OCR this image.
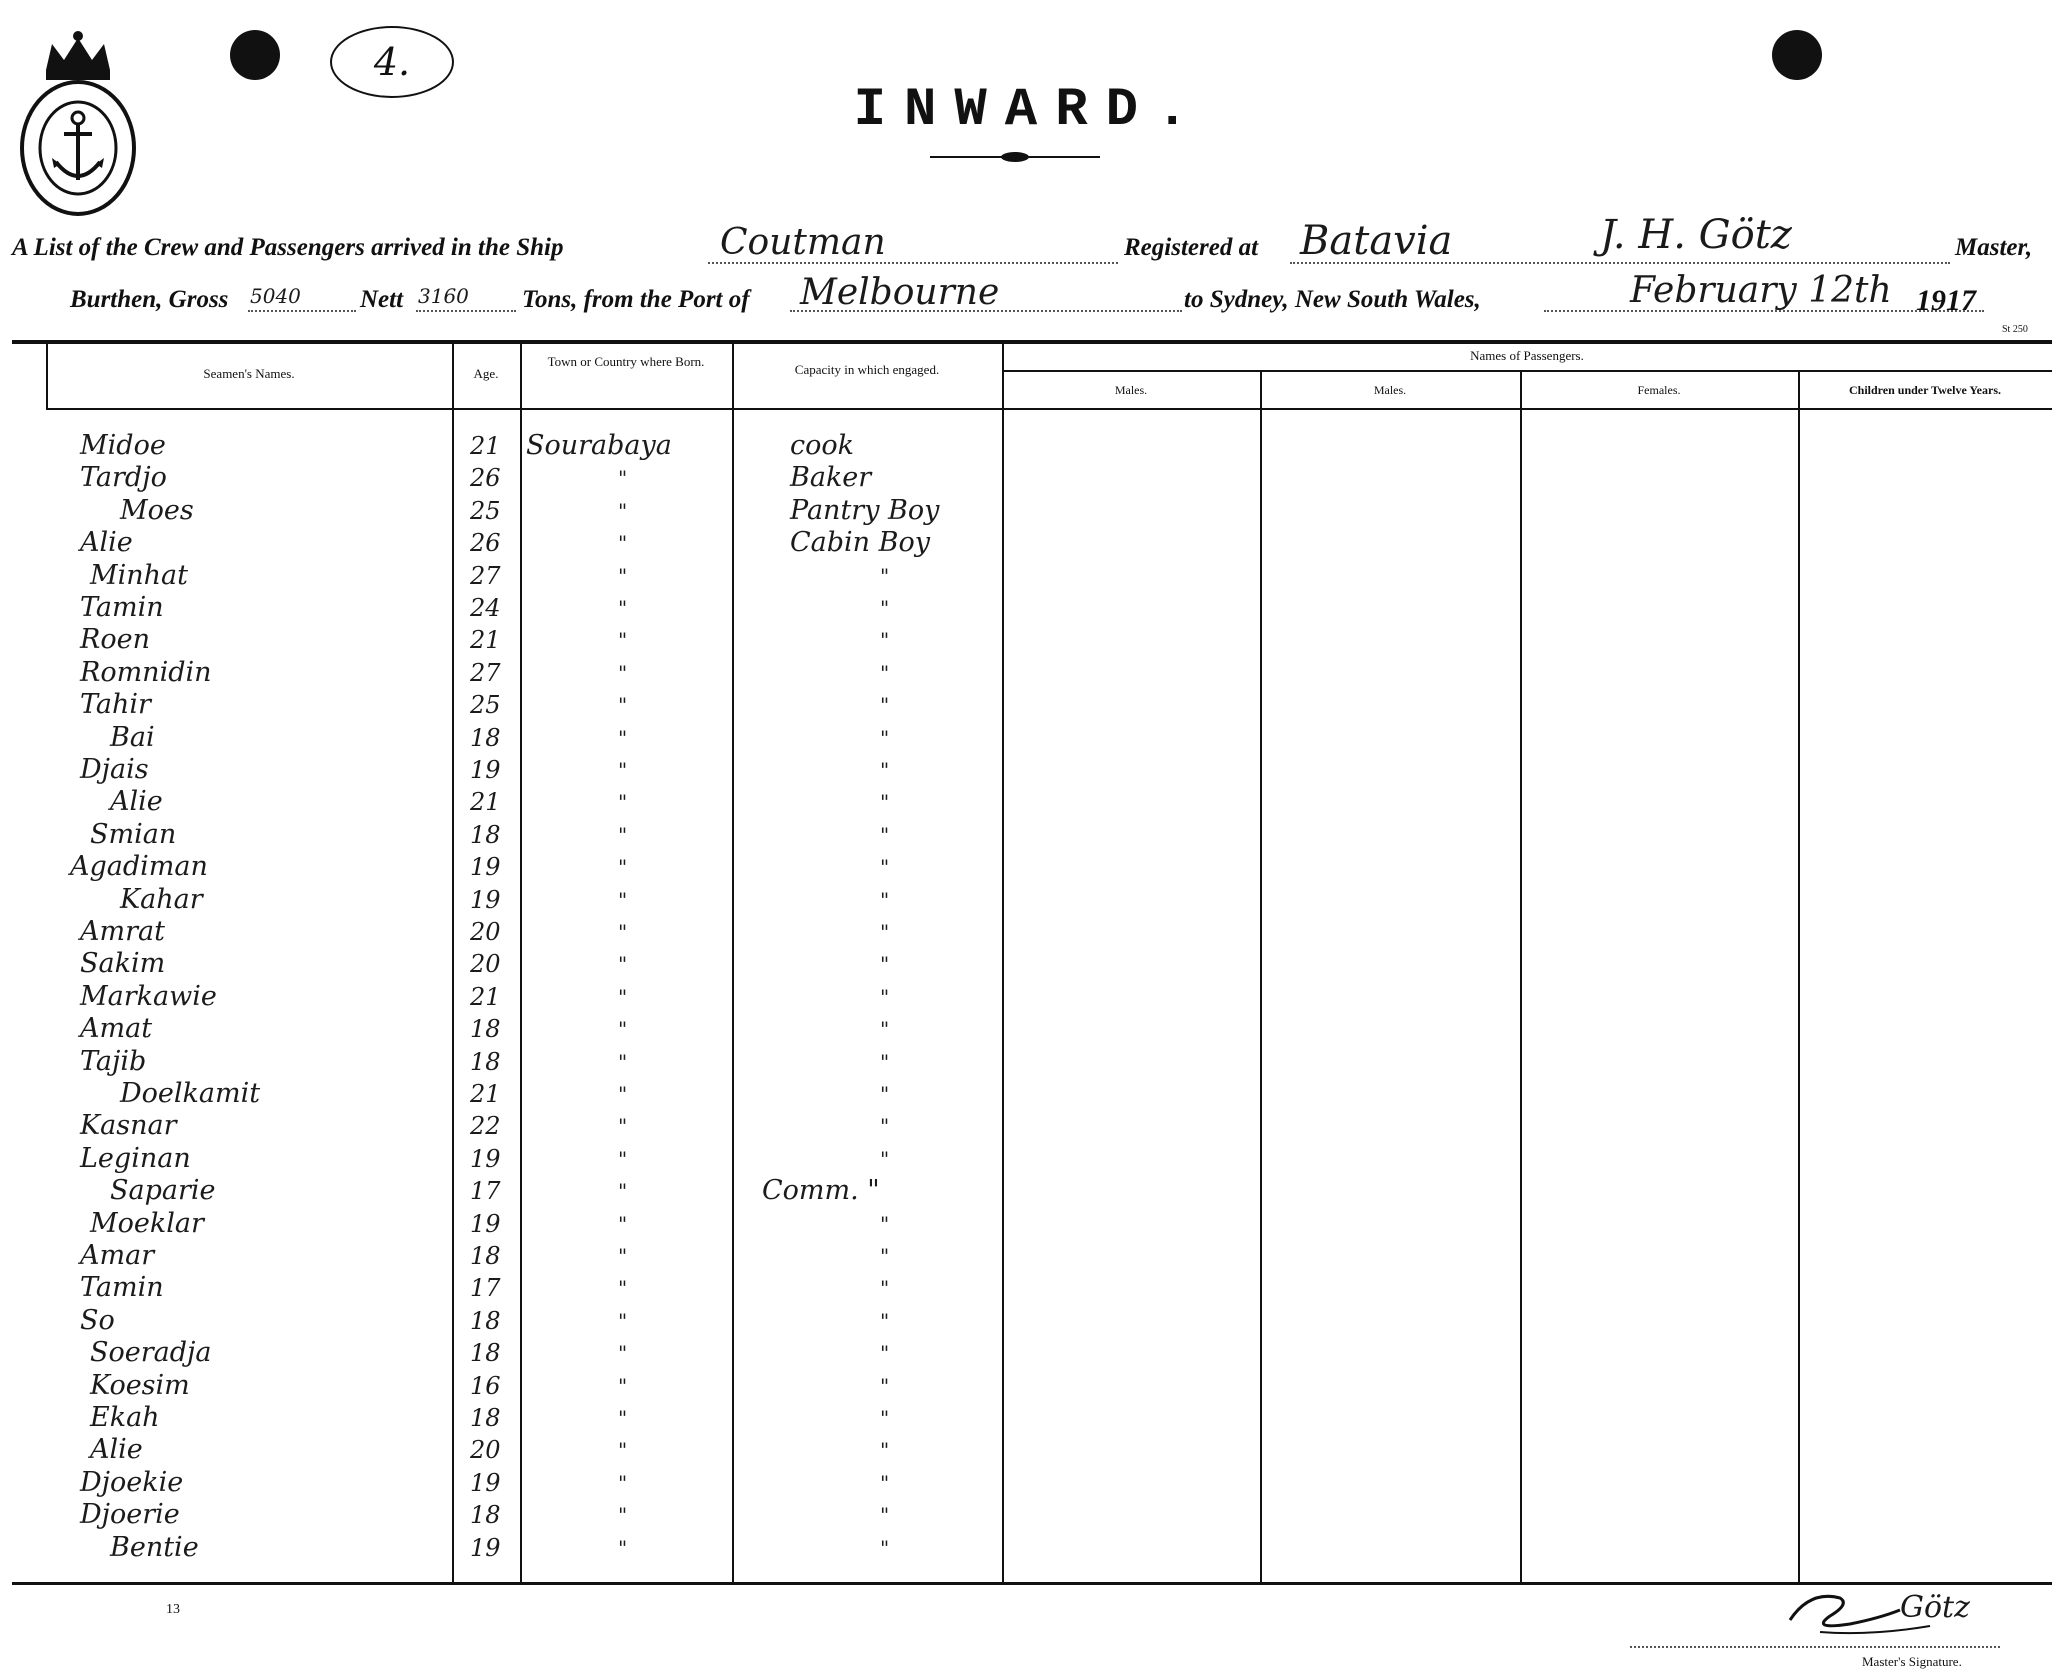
4.
INWARD.
A List of the Crew and Passengers arrived in the Ship	Coutman	Registered at Batavia	J. H. Götz	Master,
Burthen, Gross 5040 Nett 3160 Tons, from the Port of Melbourne	to Sydney, New South Wales,	February 12th 1917
St 250
Seamen's Names.	Age.
Town or Country where Born.
Capacity in which engaged.
Names of Passengers.
Males.	Males.	Females.	Children under Twelve Years.
Midoe	21 Sourabaya	cook
Tardjo	26	"	Baker
Moes	25	"	Pantry Boy
Alie	26	"	Cabin Boy
Minhat	27	"	"
Tamin	24	"	"
Roen	21	"	"
Romnidin	27	"	"
Tahir	25	"	"
Bai	18	"	"
Djais	19	"	"
Alie	21	"	"
Smian	18	"	"
Agadiman	19	"	"
Kahar	19	"	"
Amrat	20	"	"
Sakim	20	"	"
Markawie	21	"	"
Amat	18	"	"
Tajib	18	"	"
Doelkamit	21	"	"
Kasnar	22	"	"
Leginan	19	"	"
Saparie	17	"	Comm. "
Moeklar	19	"	"
Amar	18	"	"
Tamin	17	"	"
So	18	"	"
Soeradja	18	"	"
Koesim	16	"	"
Ekah	18	"	"
Alie	20	"	"
Djoekie	19	"	"
Djoerie	18	"	"
Bentie	19	"	"
13	Götz
Master's Signature.
